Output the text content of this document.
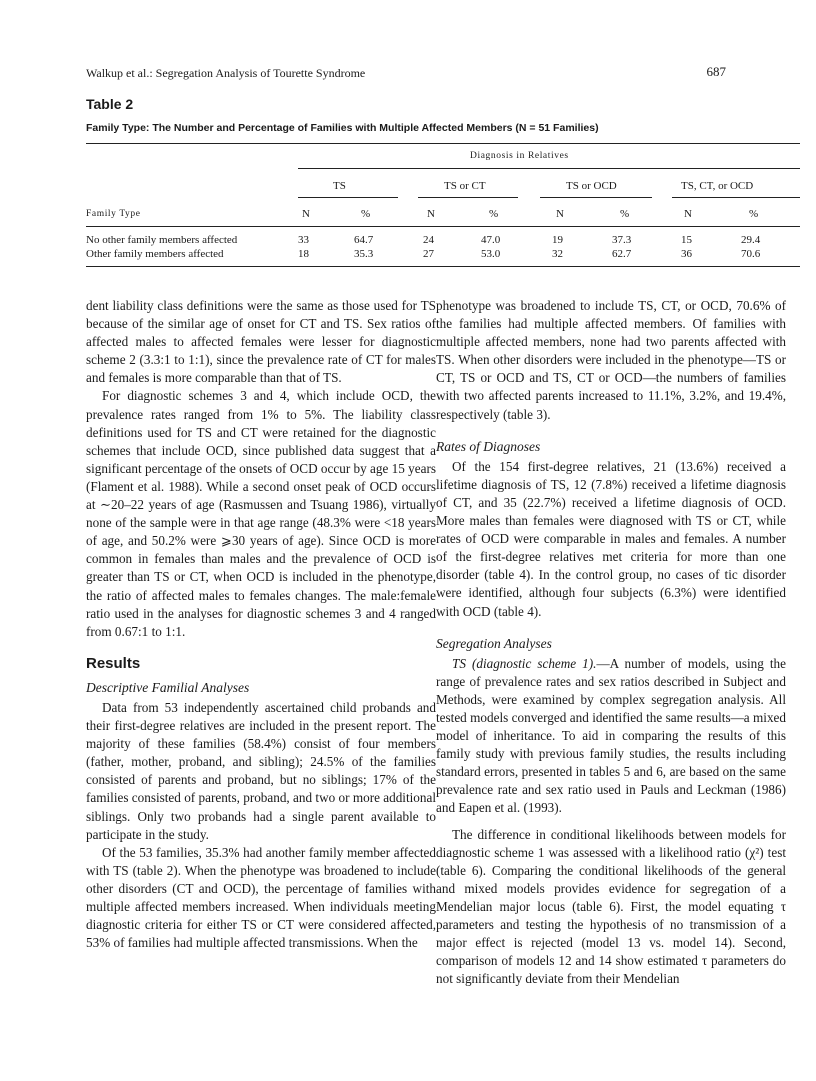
Walkup et al.: Segregation Analysis of Tourette Syndrome	687
Table 2
Family Type: The Number and Percentage of Families with Multiple Affected Members (N = 51 Families)
Diagnosis in Relatives
TS	TS or CT	TS or OCD	TS, CT, or OCD
Family Type	N	%	N	%	N	%	N	%
No other family members affected	33	64.7	24	47.0	19	37.3	15	29.4
Other family members affected	18	35.3	27	53.0	32	62.7	36	70.6

dent liability class definitions were the same as those used for TS because of the similar age of onset for CT and TS. Sex ratios of affected males to affected females were lesser for diagnostic scheme 2 (3.3:1 to 1:1), since the prevalence rate of CT for males and females is more comparable than that of TS.

For diagnostic schemes 3 and 4, which include OCD, the prevalence rates ranged from 1% to 5%. The liability class definitions used for TS and CT were retained for the diagnostic schemes that include OCD, since published data suggest that a significant percentage of the onsets of OCD occur by age 15 years (Flament et al. 1988). While a second onset peak of OCD occurs at ∼20–22 years of age (Rasmussen and Tsuang 1986), virtually none of the sample were in that age range (48.3% were <18 years of age, and 50.2% were ⩾30 years of age). Since OCD is more common in females than males and the prevalence of OCD is greater than TS or CT, when OCD is included in the phenotype, the ratio of affected males to females changes. The male:female ratio used in the analyses for diagnostic schemes 3 and 4 ranged from 0.67:1 to 1:1.

Results
Descriptive Familial Analyses

Data from 53 independently ascertained child probands and their first-degree relatives are included in the present report. The majority of these families (58.4%) consist of four members (father, mother, proband, and sibling); 24.5% of the families consisted of parents and proband, but no siblings; 17% of the families consisted of parents, proband, and two or more additional siblings. Only two probands had a single parent available to participate in the study.

Of the 53 families, 35.3% had another family member affected with TS (table 2). When the phenotype was broadened to include other disorders (CT and OCD), the percentage of families with multiple affected members increased. When individuals meeting diagnostic criteria for either TS or CT were considered affected, 53% of families had multiple affected transmissions. When the

phenotype was broadened to include TS, CT, or OCD, 70.6% of the families had multiple affected members. Of families with multiple affected members, none had two parents affected with TS. When other disorders were included in the phenotype—TS or CT, TS or OCD and TS, CT or OCD—the numbers of families with two affected parents increased to 11.1%, 3.2%, and 19.4%, respectively (table 3).

Rates of Diagnoses

Of the 154 first-degree relatives, 21 (13.6%) received a lifetime diagnosis of TS, 12 (7.8%) received a lifetime diagnosis of CT, and 35 (22.7%) received a lifetime diagnosis of OCD. More males than females were diagnosed with TS or CT, while rates of OCD were comparable in males and females. A number of the first-degree relatives met criteria for more than one disorder (table 4). In the control group, no cases of tic disorder were identified, although four subjects (6.3%) were identified with OCD (table 4).

Segregation Analyses

TS (diagnostic scheme 1).—A number of models, using the range of prevalence rates and sex ratios described in Subject and Methods, were examined by complex segregation analysis. All tested models converged and identified the same results—a mixed model of inheritance. To aid in comparing the results of this family study with previous family studies, the results including standard errors, presented in tables 5 and 6, are based on the same prevalence rate and sex ratio used in Pauls and Leckman (1986) and Eapen et al. (1993).

The difference in conditional likelihoods between models for diagnostic scheme 1 was assessed with a likelihood ratio (χ²) test (table 6). Comparing the conditional likelihoods of the general and mixed models provides evidence for segregation of a Mendelian major locus (table 6). First, the model equating τ parameters and testing the hypothesis of no transmission of a major effect is rejected (model 13 vs. model 14). Second, comparison of models 12 and 14 show estimated τ parameters do not significantly deviate from their Mendelian
